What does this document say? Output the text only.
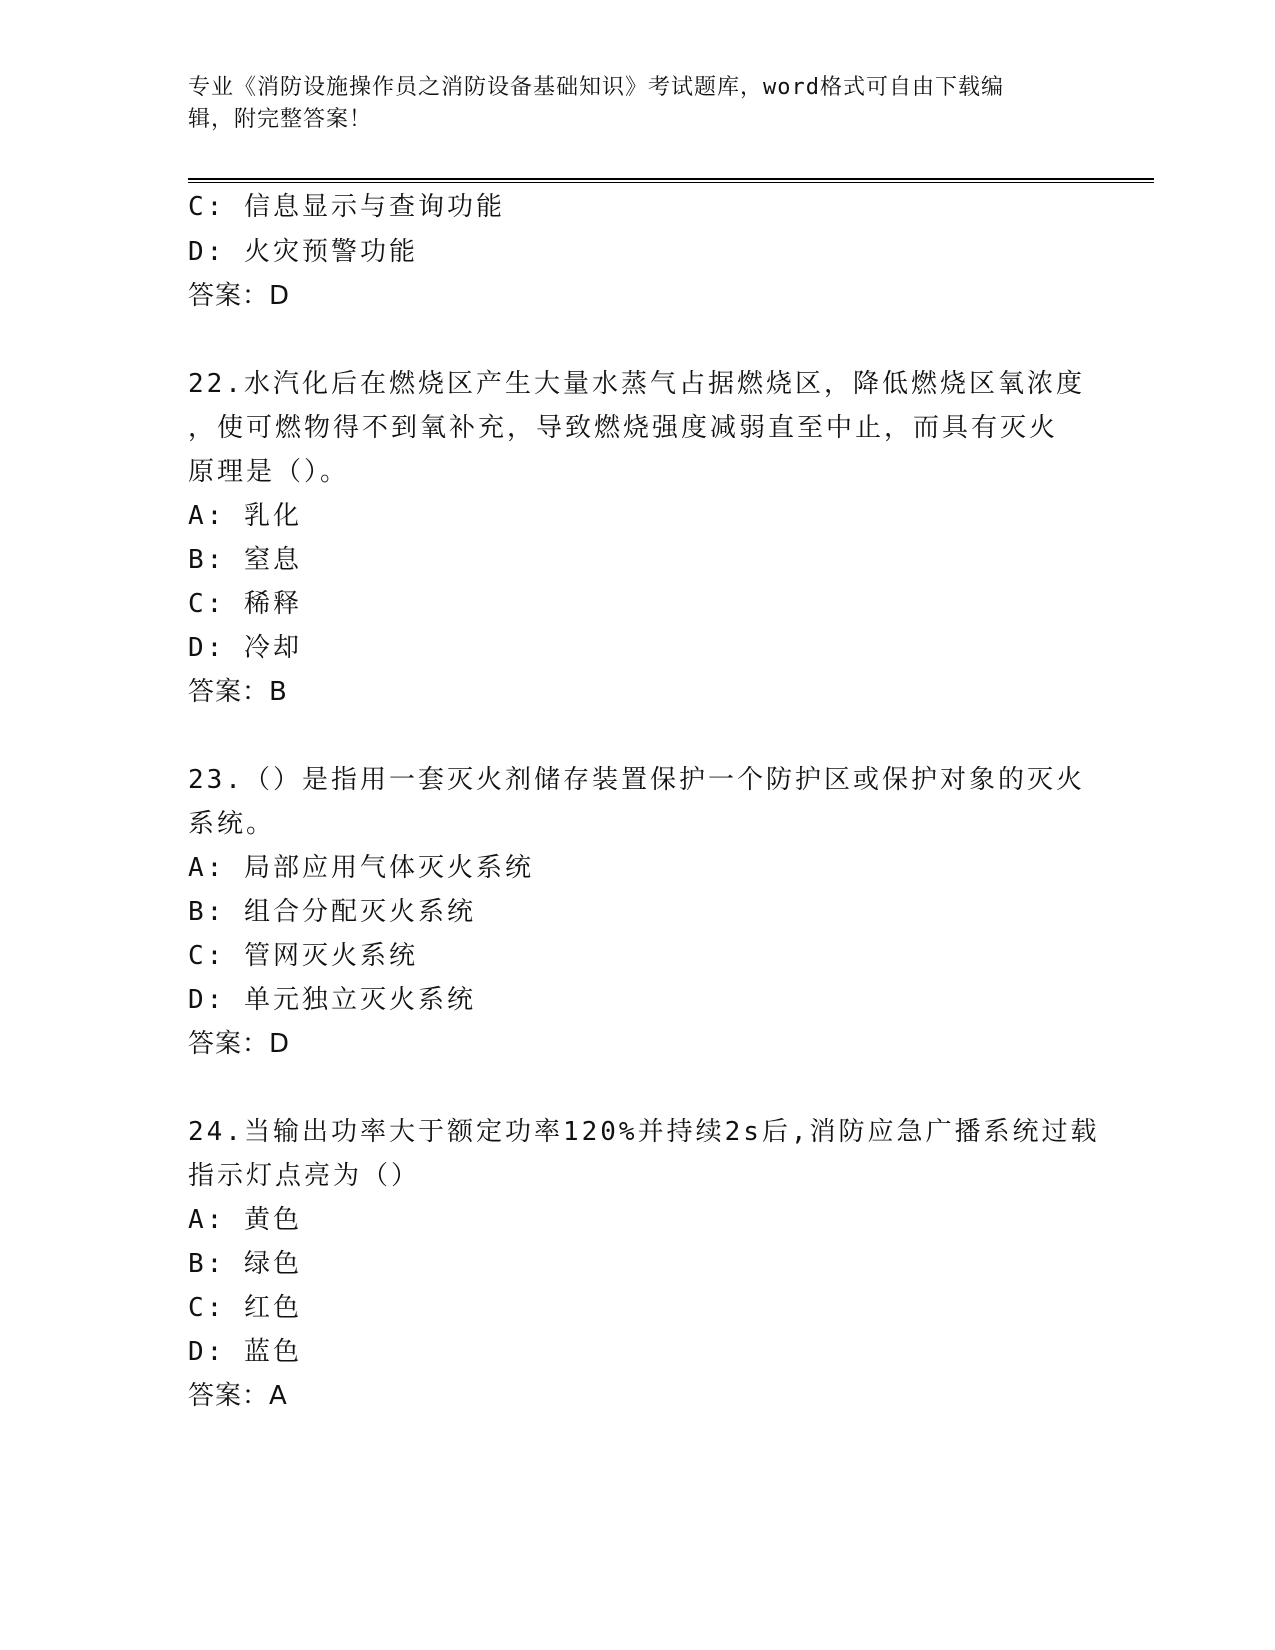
专业《消防设施操作员之消防设备基础知识》考试题库，word格式可自由下载编
辑，附完整答案！
C: 信息显示与查询功能
D: 火灾预警功能
答案：D
22.水汽化后在燃烧区产生大量水蒸气占据燃烧区，降低燃烧区氧浓度
，使可燃物得不到氧补充，导致燃烧强度减弱直至中止，而具有灭火
原理是（）。
A: 乳化
B: 窒息
C: 稀释
D: 冷却
答案：B
23.（）是指用一套灭火剂储存装置保护一个防护区或保护对象的灭火
系统。
A: 局部应用气体灭火系统
B: 组合分配灭火系统
C: 管网灭火系统
D: 单元独立灭火系统
答案：D
24.当输出功率大于额定功率120%并持续2s后,消防应急广播系统过载
指示灯点亮为（）
A: 黄色
B: 绿色
C: 红色
D: 蓝色
答案：A
